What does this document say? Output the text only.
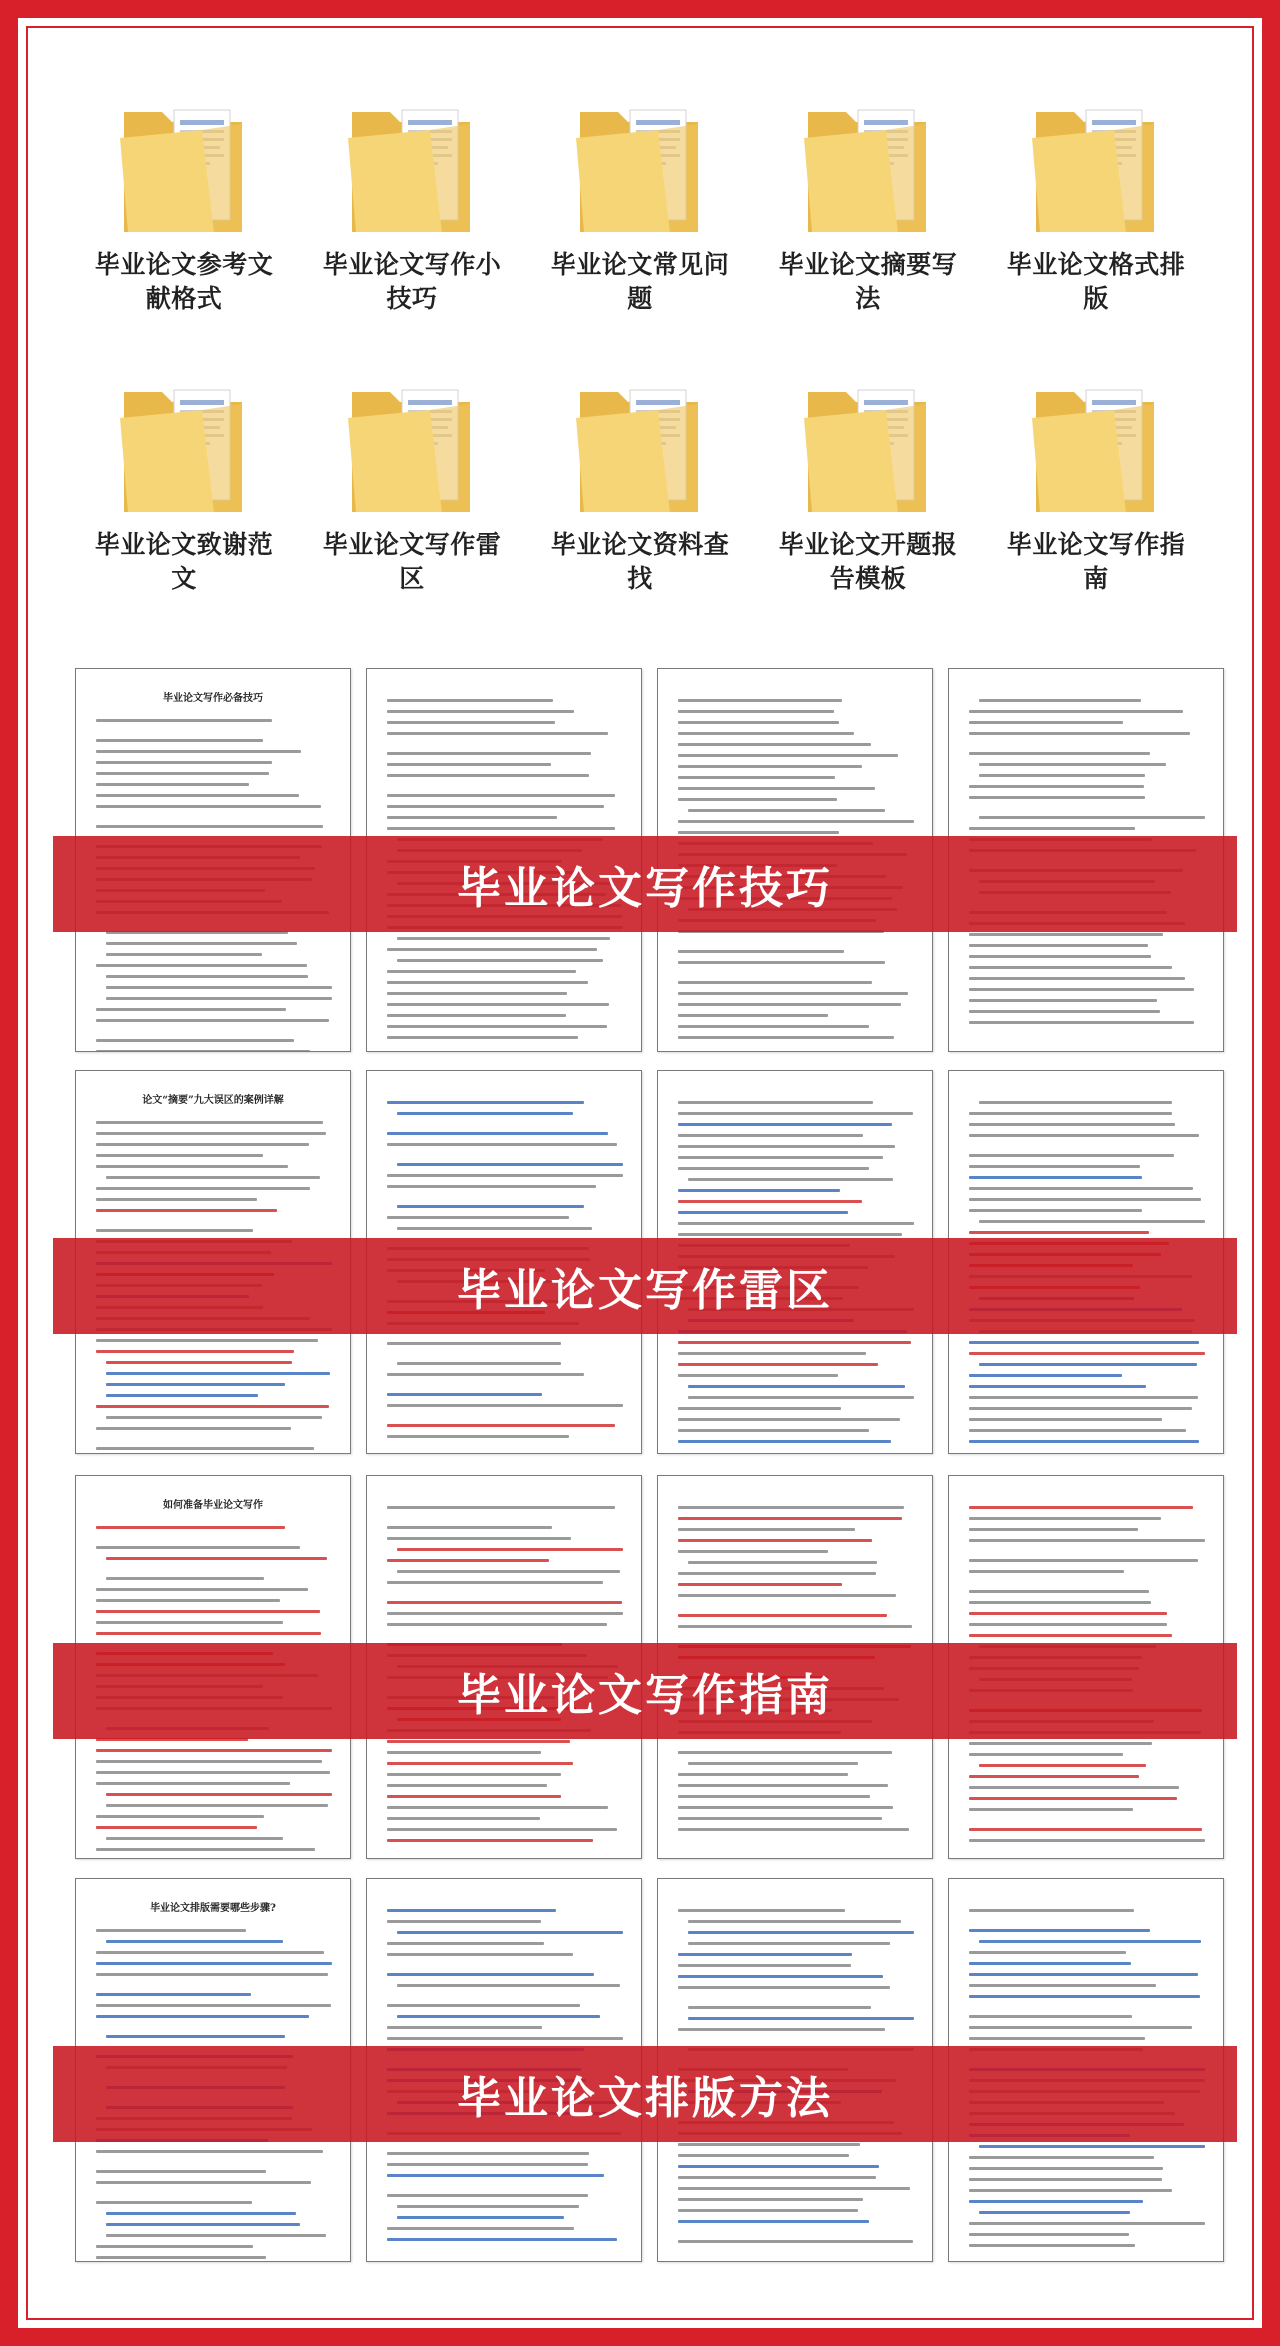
毕业论文参考文献格式
毕业论文写作小技巧
毕业论文常见问题
毕业论文摘要写法
毕业论文格式排版
毕业论文致谢范文
毕业论文写作雷区
毕业论文资料查找
毕业论文开题报告模板
毕业论文写作指南
毕业论文写作必备技巧
毕业论文写作技巧
论文“摘要”九大误区的案例详解
毕业论文写作雷区
如何准备毕业论文写作
毕业论文写作指南
毕业论文排版需要哪些步骤?
毕业论文排版方法
